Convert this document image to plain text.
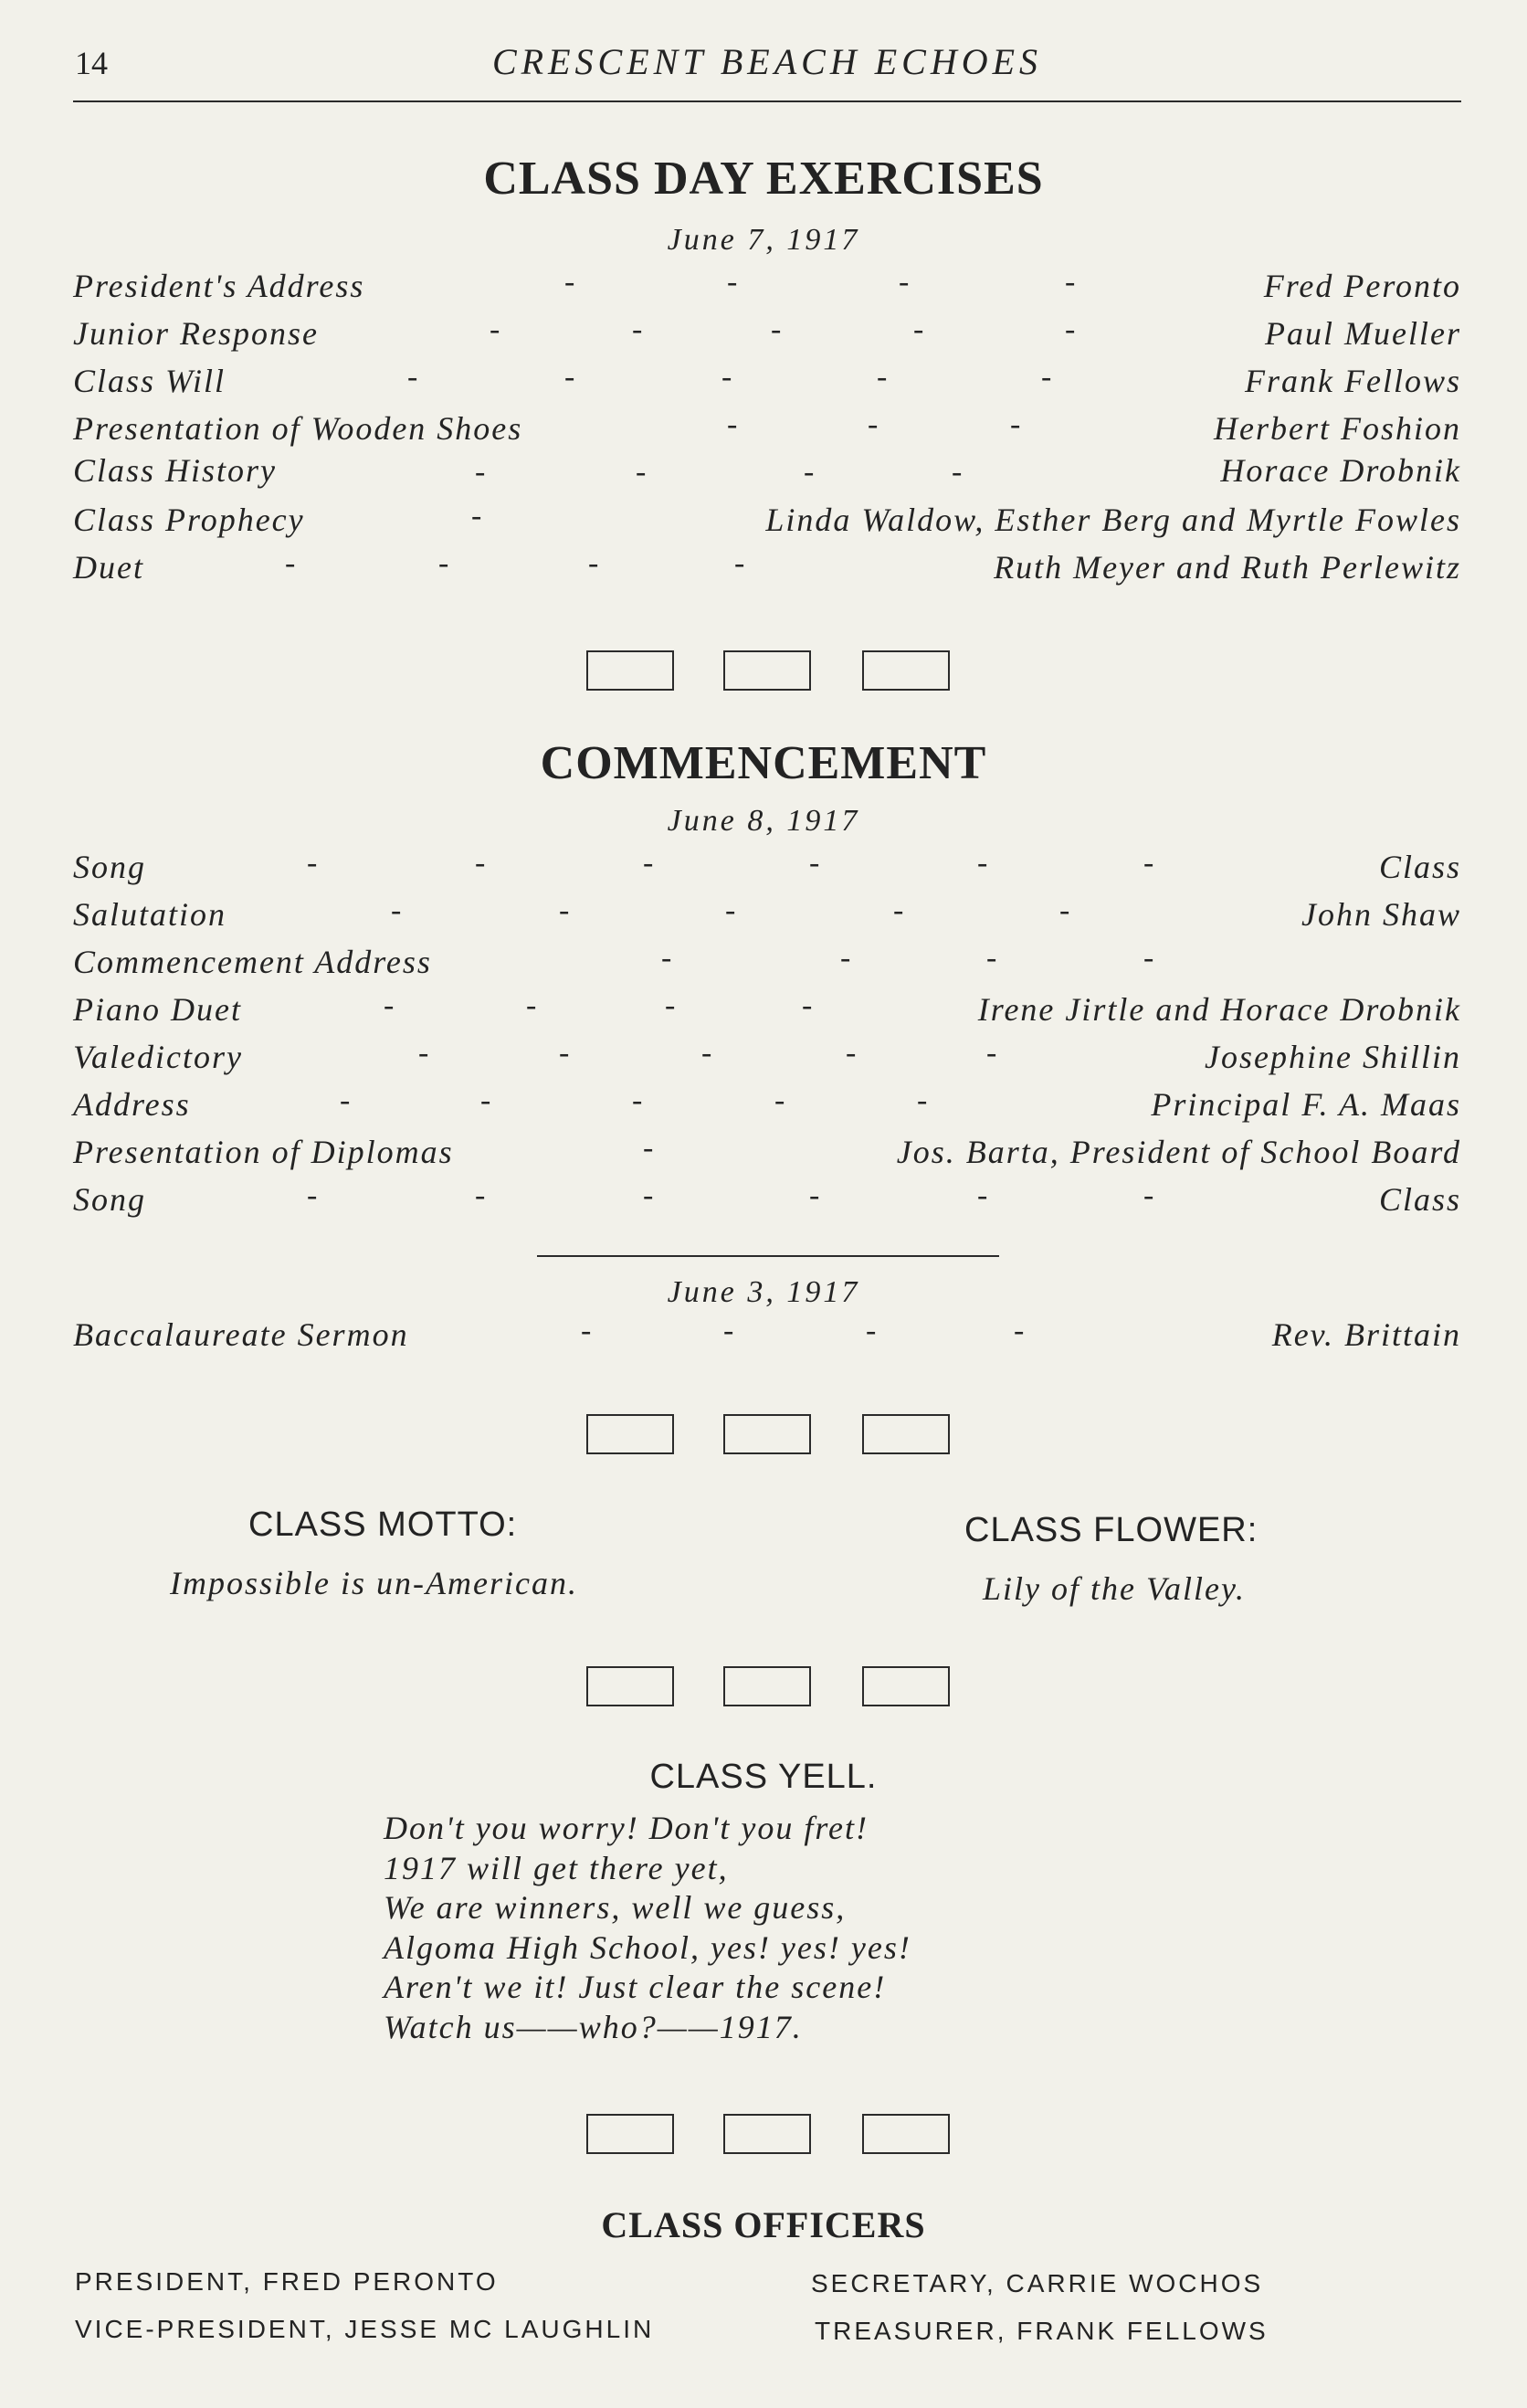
14	CRESCENT BEACH ECHOES
CLASS DAY EXERCISES
June 7, 1917
President's Address	-	-	-	-	Fred Peronto
Junior Response	-	-	-	-	-	Paul Mueller
Class Will	-	-	-	-	-	Frank Fellows
Presentation of Wooden Shoes	-	-	-	Herbert Foshion
Class History	-	-	-	-	Horace Drobnik
Class Prophecy	-	Linda Waldow, Esther Berg and Myrtle Fowles
Duet	-	-	-	-	Ruth Meyer and Ruth Perlewitz
COMMENCEMENT
June 8, 1917
Song	-	-	-	-	-	-	Class
Salutation	-	-	-	-	-	John Shaw
Commencement Address	-	-	-	-
Piano Duet	-	-	-	-	Irene Jirtle and Horace Drobnik
Valedictory	-	-	-	-	-	Josephine Shillin
Address	-	-	-	-	-	Principal F. A. Maas
Presentation of Diplomas	-	Jos. Barta, President of School Board
Song	-	-	-	-	-	-	Class
June 3, 1917
Baccalaureate Sermon	-	-	-	-	Rev. Brittain
CLASS MOTTO:
Impossible is un-American.
CLASS FLOWER:
Lily of the Valley.
CLASS YELL.
Don't you worry! Don't you fret!
1917 will get there yet,
We are winners, well we guess,
Algoma High School, yes! yes! yes!
Aren't we it! Just clear the scene!
Watch us——who?——1917.
CLASS OFFICERS
PRESIDENT, FRED PERONTO
VICE-PRESIDENT, JESSE MC LAUGHLIN
SECRETARY, CARRIE WOCHOS
TREASURER, FRANK FELLOWS
